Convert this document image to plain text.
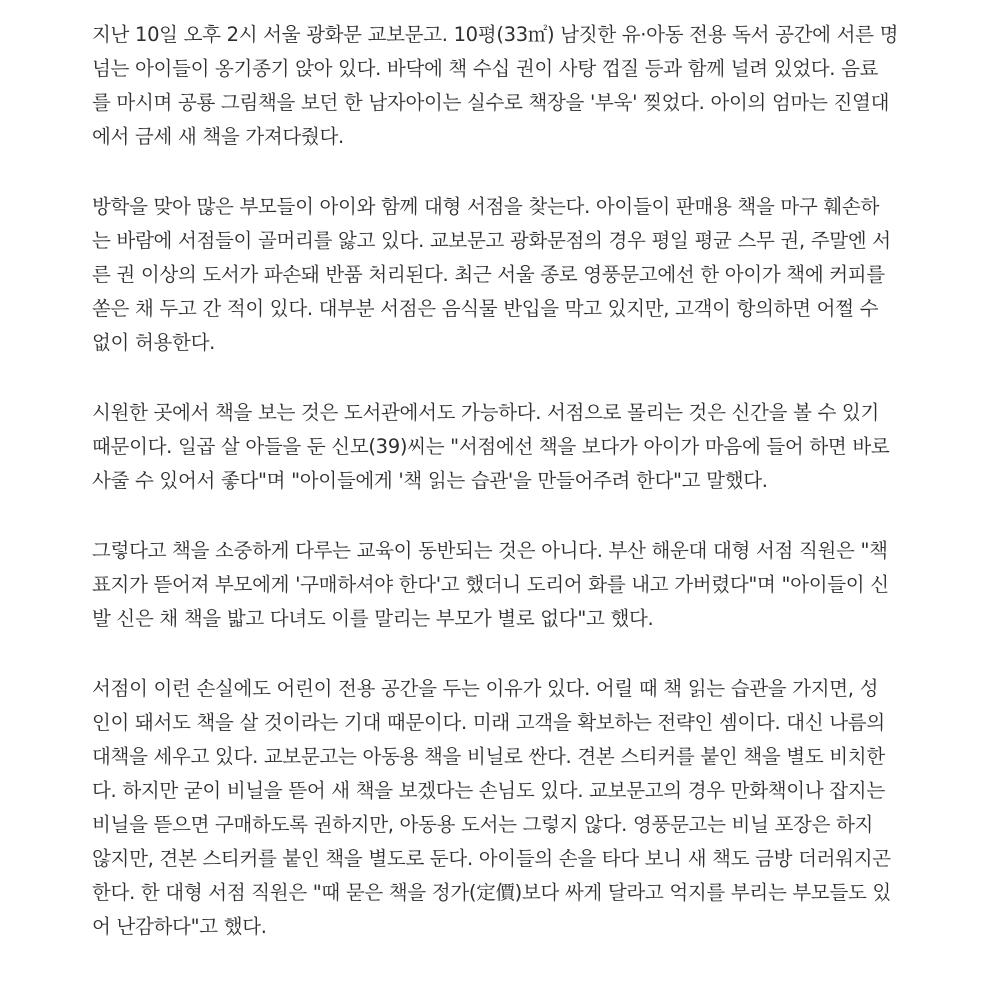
지난 10일 오후 2시 서울 광화문 교보문고. 10평(33㎡) 남짓한 유·아동 전용 독서 공간에 서른 명
넘는 아이들이 옹기종기 앉아 있다. 바닥에 책 수십 권이 사탕 껍질 등과 함께 널려 있었다. 음료
를 마시며 공룡 그림책을 보던 한 남자아이는 실수로 책장을 '부욱' 찢었다. 아이의 엄마는 진열대
에서 금세 새 책을 가져다줬다.
방학을 맞아 많은 부모들이 아이와 함께 대형 서점을 찾는다. 아이들이 판매용 책을 마구 훼손하
는 바람에 서점들이 골머리를 앓고 있다. 교보문고 광화문점의 경우 평일 평균 스무 권, 주말엔 서
른 권 이상의 도서가 파손돼 반품 처리된다. 최근 서울 종로 영풍문고에선 한 아이가 책에 커피를
쏟은 채 두고 간 적이 있다. 대부분 서점은 음식물 반입을 막고 있지만, 고객이 항의하면 어쩔 수
없이 허용한다.
시원한 곳에서 책을 보는 것은 도서관에서도 가능하다. 서점으로 몰리는 것은 신간을 볼 수 있기
때문이다. 일곱 살 아들을 둔 신모(39)씨는 "서점에선 책을 보다가 아이가 마음에 들어 하면 바로
사줄 수 있어서 좋다"며 "아이들에게 '책 읽는 습관'을 만들어주려 한다"고 말했다.
그렇다고 책을 소중하게 다루는 교육이 동반되는 것은 아니다. 부산 해운대 대형 서점 직원은 "책
표지가 뜯어져 부모에게 '구매하셔야 한다'고 했더니 도리어 화를 내고 가버렸다"며 "아이들이 신
발 신은 채 책을 밟고 다녀도 이를 말리는 부모가 별로 없다"고 했다.
서점이 이런 손실에도 어린이 전용 공간을 두는 이유가 있다. 어릴 때 책 읽는 습관을 가지면, 성
인이 돼서도 책을 살 것이라는 기대 때문이다. 미래 고객을 확보하는 전략인 셈이다. 대신 나름의
대책을 세우고 있다. 교보문고는 아동용 책을 비닐로 싼다. 견본 스티커를 붙인 책을 별도 비치한
다. 하지만 굳이 비닐을 뜯어 새 책을 보겠다는 손님도 있다. 교보문고의 경우 만화책이나 잡지는
비닐을 뜯으면 구매하도록 권하지만, 아동용 도서는 그렇지 않다. 영풍문고는 비닐 포장은 하지
않지만, 견본 스티커를 붙인 책을 별도로 둔다. 아이들의 손을 타다 보니 새 책도 금방 더러워지곤
한다. 한 대형 서점 직원은 "때 묻은 책을 정가(定價)보다 싸게 달라고 억지를 부리는 부모들도 있
어 난감하다"고 했다.
